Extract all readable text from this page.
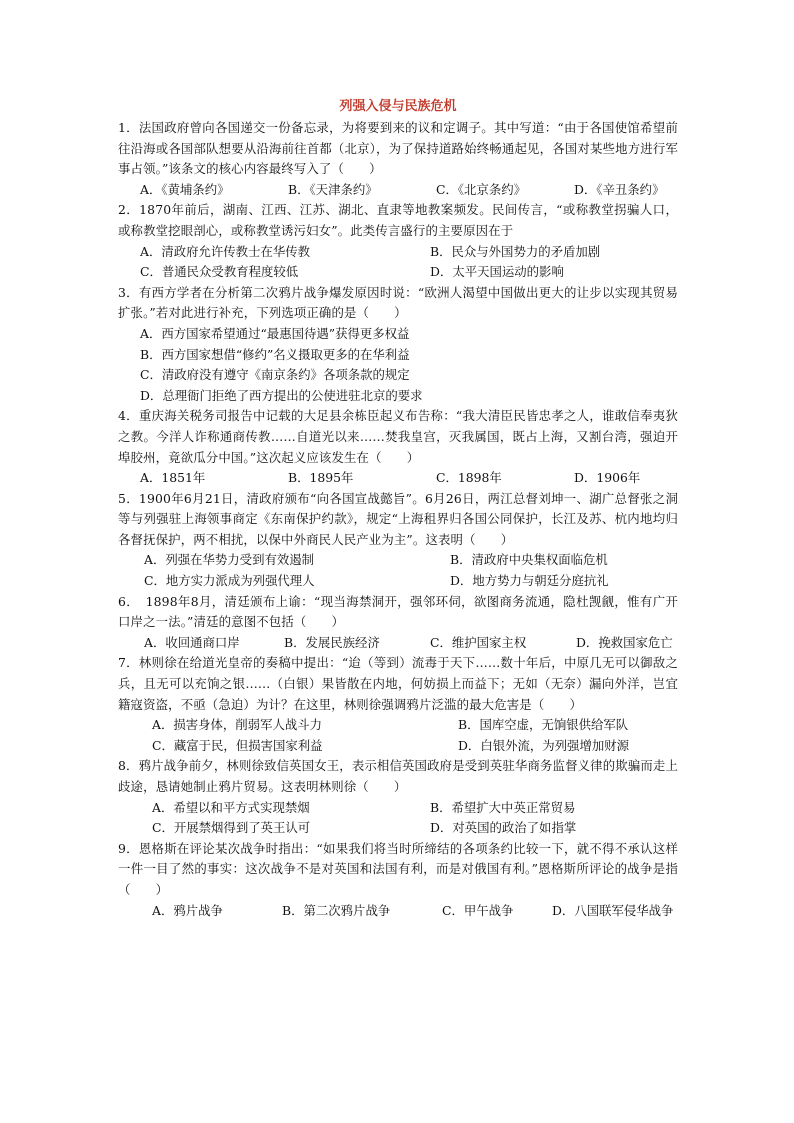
列强入侵与民族危机
1．法国政府曾向各国递交一份备忘录，为将要到来的议和定调子。其中写道：“由于各国使馆希望前往沿海或各国部队想要从沿海前往首都（北京），为了保持道路始终畅通起见，各国对某些地方进行军事占领。”该条文的核心内容最终写入了（　　）
A．《黄埔条约》	B．《天津条约》	C．《北京条约》	D．《辛丑条约》
2．1870年前后，湖南、江西、江苏、湖北、直隶等地教案频发。民间传言，“或称教堂拐骗人口，或称教堂挖眼剖心，或称教堂诱污妇女”。此类传言盛行的主要原因在于
A．清政府允许传教士在华传教	B．民众与外国势力的矛盾加剧
C．普通民众受教育程度较低	D．太平天国运动的影响
3．有西方学者在分析第二次鸦片战争爆发原因时说：“欧洲人渴望中国做出更大的让步以实现其贸易扩张。”若对此进行补充，下列选项正确的是（　　）
A．西方国家希望通过“最惠国待遇”获得更多权益
B．西方国家想借“修约”名义摄取更多的在华利益
C．清政府没有遵守《南京条约》各项条款的规定
D．总理衙门拒绝了西方提出的公使进驻北京的要求
4．重庆海关税务司报告中记载的大足县余栋臣起义布告称：“我大清臣民皆忠孝之人，谁敢信奉夷狄之教。今洋人诈称通商传教……自道光以来……焚我皇宫，灭我属国，既占上海，又割台湾，强迫开埠胶州，竟欲瓜分中国。”这次起义应该发生在（　　）
A．1851年	B．1895年	C．1898年	D．1906年
5．1900年6月21日，清政府颁布“向各国宣战懿旨”。6月26日，两江总督刘坤一、湖广总督张之洞等与列强驻上海领事商定《东南保护约款》，规定“上海租界归各国公同保护，长江及苏、杭内地均归各督抚保护，两不相扰，以保中外商民人民产业为主”。这表明（　　）
A．列强在华势力受到有效遏制	B．清政府中央集权面临危机
C．地方实力派成为列强代理人	D．地方势力与朝廷分庭抗礼
6．　1898年8月，清廷颁布上谕：“现当海禁洞开，强邻环伺，欲图商务流通，隐杜觊觎，惟有广开口岸之一法。”清廷的意图不包括（　　）
A．收回通商口岸	B．发展民族经济	C．维护国家主权	D．挽救国家危亡
7．林则徐在给道光皇帝的奏稿中提出：“迨（等到）流毒于天下……数十年后，中原几无可以御敌之兵，且无可以充饷之银……（白银）果皆散在内地，何妨损上而益下；无如（无奈）漏向外洋，岂宜籍寇资盗，不亟（急迫）为计？在这里，林则徐强调鸦片泛滥的最大危害是（　　）
A．损害身体，削弱军人战斗力	B．国库空虚，无饷银供给军队
C．藏富于民，但损害国家利益	D．白银外流，为列强增加财源
8．鸦片战争前夕，林则徐致信英国女王，表示相信英国政府是受到英驻华商务监督义律的欺骗而走上歧途，恳请她制止鸦片贸易。这表明林则徐（　　）
A．希望以和平方式实现禁烟	B．希望扩大中英正常贸易
C．开展禁烟得到了英王认可	D．对英国的政治了如指掌
9．恩格斯在评论某次战争时指出：“如果我们将当时所缔结的各项条约比较一下，就不得不承认这样一件一目了然的事实：这次战争不是对英国和法国有利，而是对俄国有利。”恩格斯所评论的战争是指（　　）
A．鸦片战争	B．第二次鸦片战争	C．甲午战争	D．八国联军侵华战争
